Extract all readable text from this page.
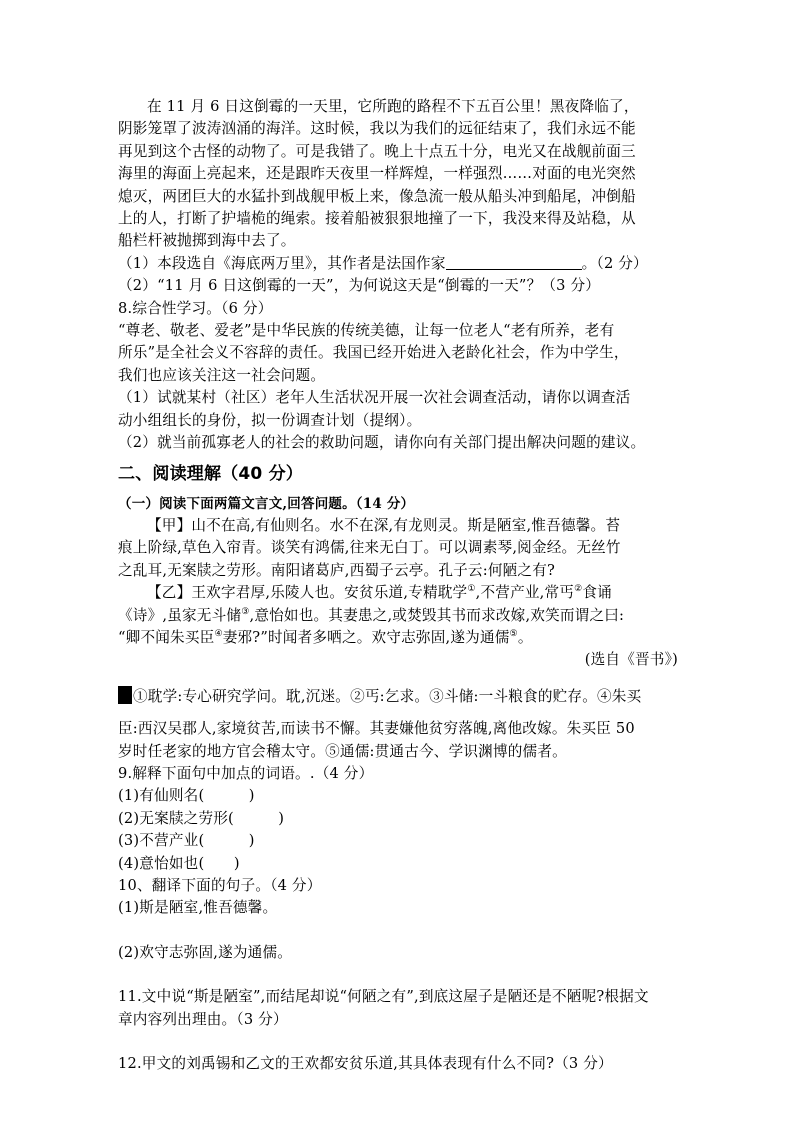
在 11 月 6 日这倒霉的一天里，它所跑的路程不下五百公里！黑夜降临了，

阴影笼罩了波涛汹涌的海洋。这时候，我以为我们的远征结束了，我们永远不能

再见到这个古怪的动物了。可是我错了。晚上十点五十分，电光又在战舰前面三

海里的海面上亮起来，还是跟昨天夜里一样辉煌，一样强烈……对面的电光突然

熄灭，两团巨大的水猛扑到战舰甲板上来，像急流一般从船头冲到船尾，冲倒船

上的人，打断了护墙桅的绳索。接着船被狠狠地撞了一下，我没来得及站稳，从

船栏杆被抛掷到海中去了。

（1）本段选自《海底两万里》，其作者是法国作家	。（2 分）

（2）“11 月 6 日这倒霉的一天”，为何说这天是“倒霉的一天”？（3 分）

8.综合性学习。（6 分）

“尊老、敬老、爱老”是中华民族的传统美德，让每一位老人“老有所养，老有

所乐”是全社会义不容辞的责任。我国已经开始进入老龄化社会，作为中学生，

我们也应该关注这一社会问题。

（1）试就某村（社区）老年人生活状况开展一次社会调查活动，请你以调查活

动小组组长的身份，拟一份调查计划（提纲）。

（2）就当前孤寡老人的社会的救助问题，请你向有关部门提出解决问题的建议。

二、阅读理解（40 分）

（一）阅读下面两篇文言文,回答问题。（14 分）

【甲】山不在高,有仙则名。水不在深,有龙则灵。斯是陋室,惟吾德馨。苔

痕上阶绿,草色入帘青。谈笑有鸿儒,往来无白丁。可以调素琴,阅金经。无丝竹

之乱耳,无案牍之劳形。南阳诸葛庐,西蜀子云亭。孔子云:何陋之有?

【乙】王欢字君厚,乐陵人也。安贫乐道,专精耽学①,不营产业,常丐②食诵

《诗》,虽家无斗储③,意怡如也。其妻患之,或焚毁其书而求改嫁,欢笑而谓之曰:

“卿不闻朱买臣④妻邪?”时闻者多哂之。欢守志弥固,遂为通儒⑤。

(选自《晋书》)

①耽学:专心研究学问。耽,沉迷。②丐:乞求。③斗储:一斗粮食的贮存。④朱买

臣:西汉吴郡人,家境贫苦,而读书不懈。其妻嫌他贫穷落魄,离他改嫁。朱买臣 50

岁时任老家的地方官会稽太守。⑤通儒:贯通古今、学识渊博的儒者。

9.解释下面句中加点的词语。.（4 分）

(1)有仙则名(　　　)

(2)无案牍之劳形(　　　)

(3)不营产业(　　　)

(4)意怡如也(　　)

10、翻译下面的句子。（4 分）

(1)斯是陋室,惟吾德馨。

(2)欢守志弥固,遂为通儒。

11.文中说“斯是陋室”,而结尾却说“何陋之有”,到底这屋子是陋还是不陋呢?根据文

章内容列出理由。（3 分）

12.甲文的刘禹锡和乙文的王欢都安贫乐道,其具体表现有什么不同?（3 分）
